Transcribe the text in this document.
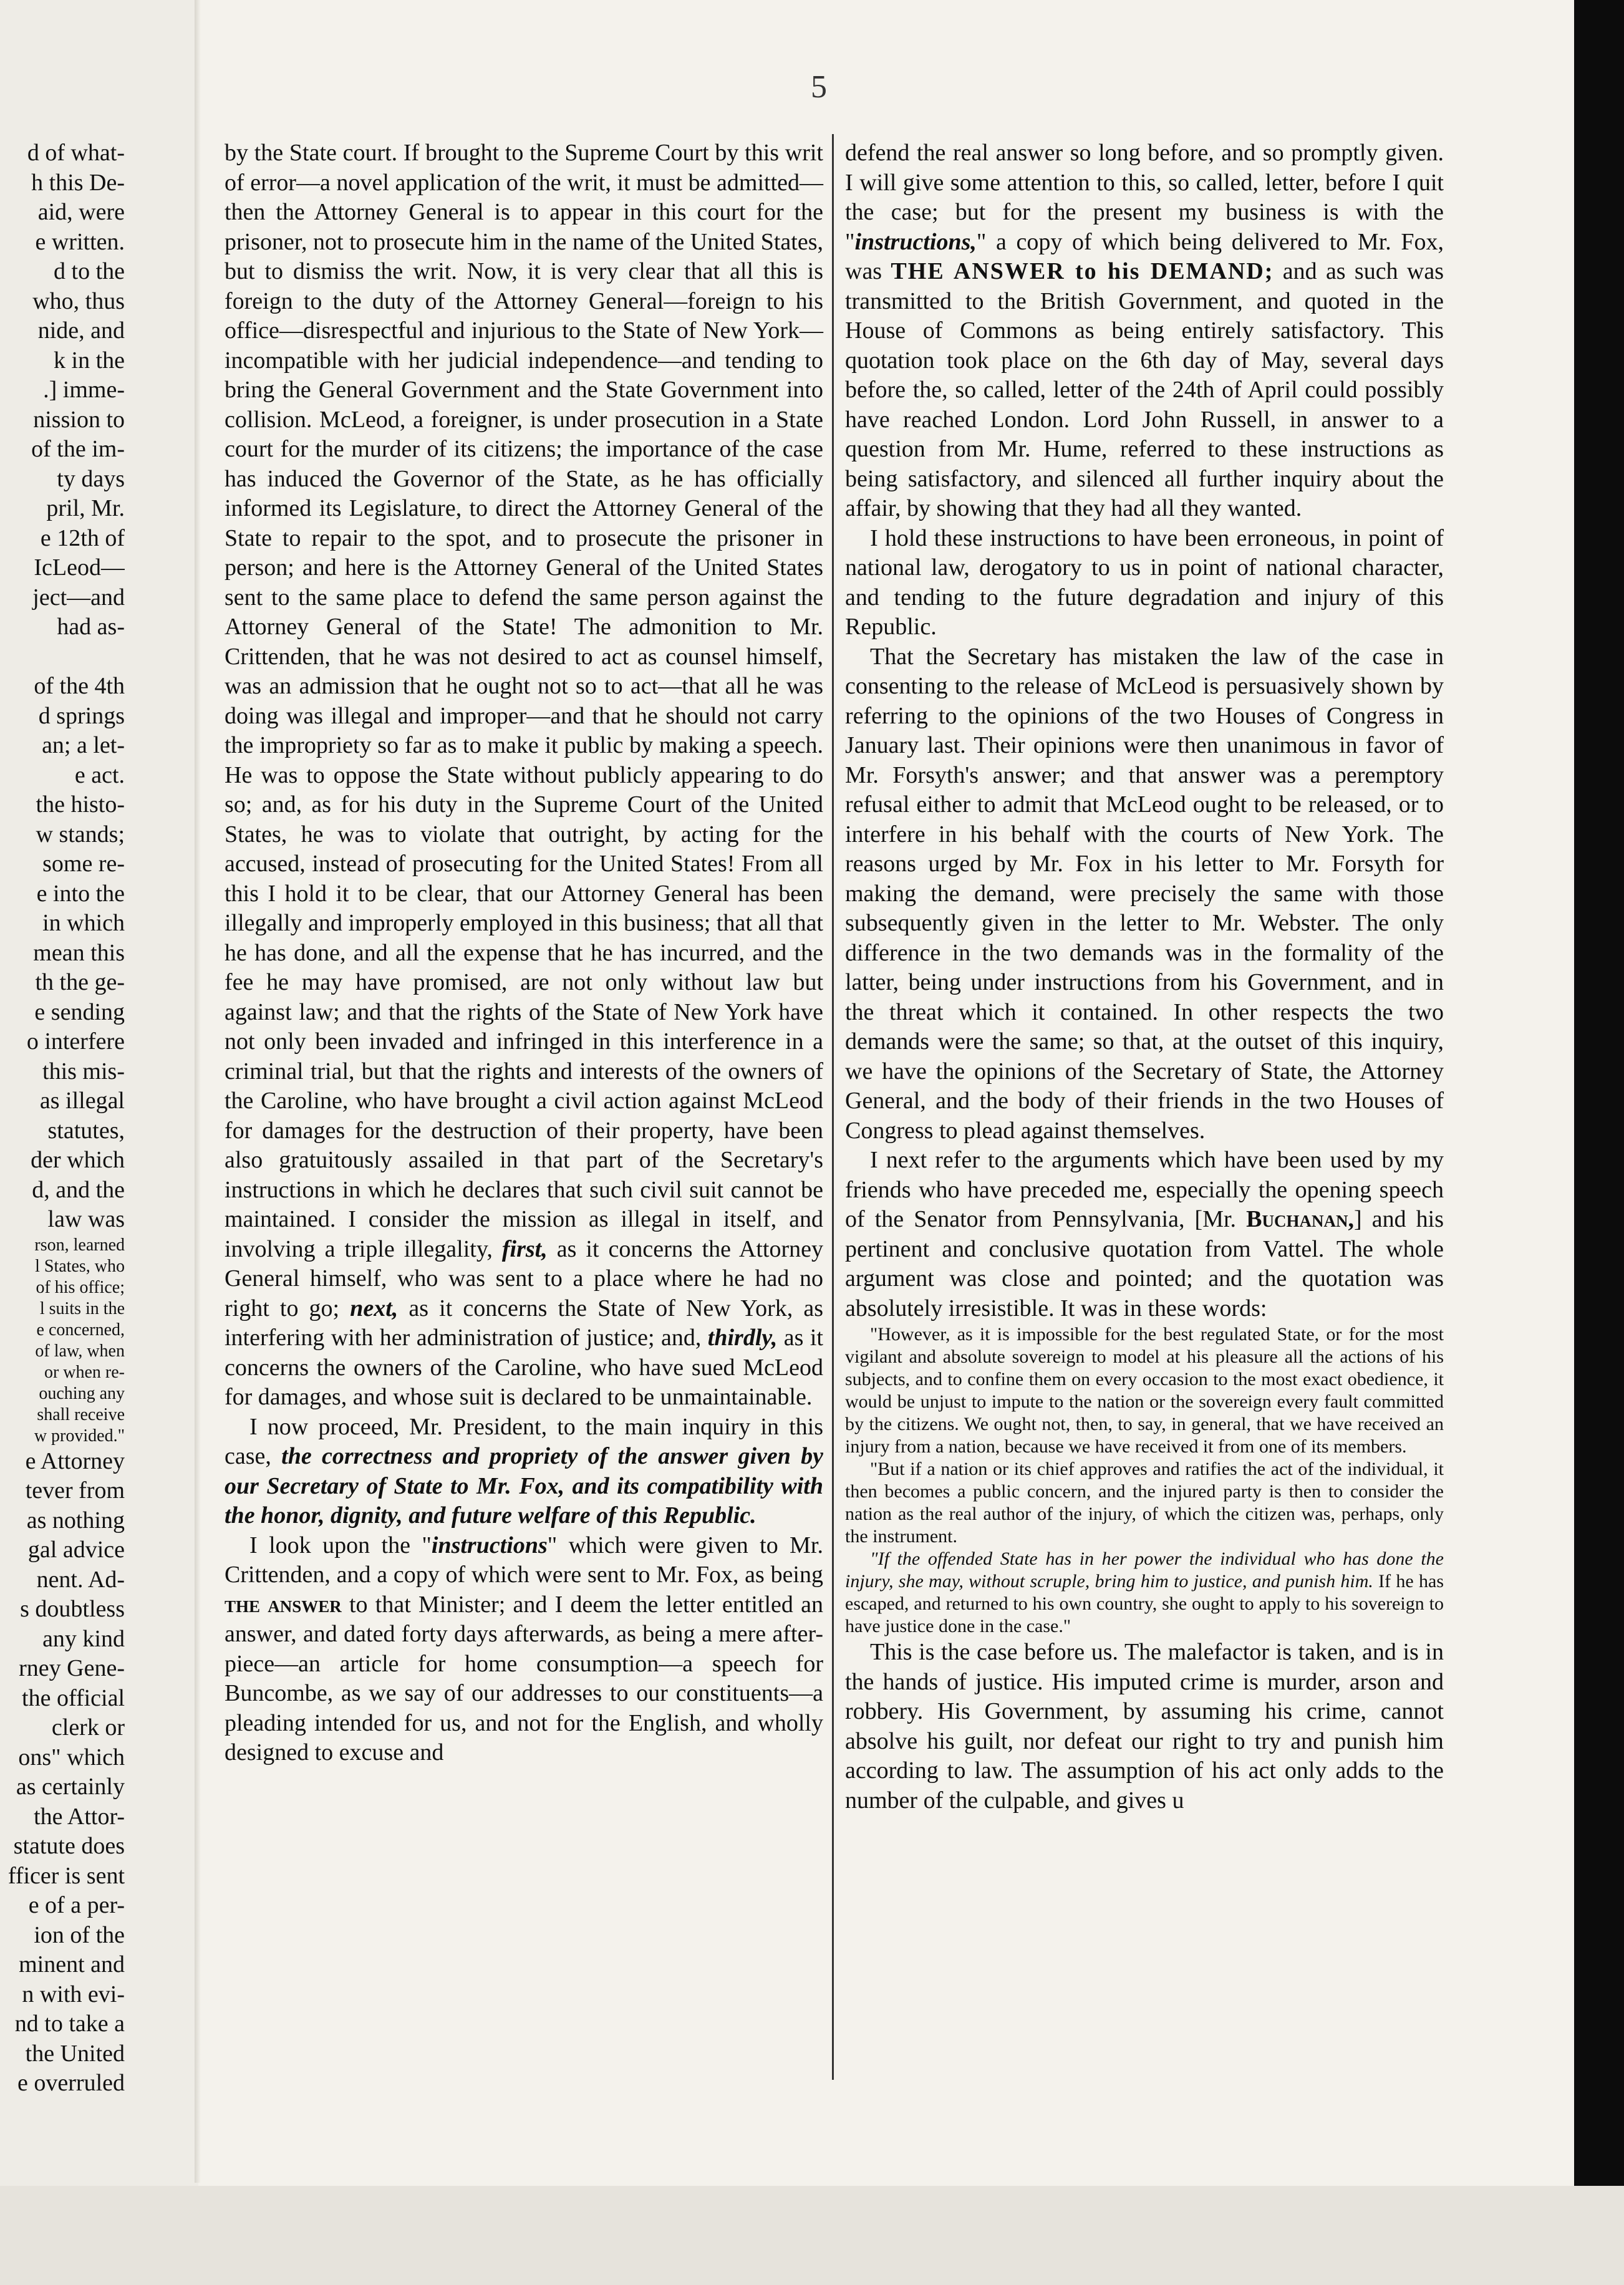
d of what-
h this De-
aid, were
e written.
d to the
who, thus
nide, and
k in the
.] imme-
nission to
of the im-
ty days
pril, Mr.
e 12th of
IcLeod—
ject—and
had as-

of the 4th
d springs
an; a let-
e act.
the histo-
w stands;
some re-
e into the
in which
mean this
th the ge-
e sending
o interfere
this mis-
as illegal
statutes,
der which
d, and the
law was
rson, learned
l States, who
of his office;
l suits in the
e concerned,
of law, when
or when re-
ouching any
shall receive
w provided."
e Attorney
tever from
as nothing
gal advice
nent. Ad-
s doubtless
any kind
rney Gene-
the official
clerk or
ons" which
as certainly
the Attor-
statute does
fficer is sent
e of a per-
ion of the
minent and
n with evi-
nd to take a
the United
e overruled
5

by the State court. If brought to the Supreme Court by this writ of error—a novel application of the writ, it must be admitted—then the Attorney General is to appear in this court for the prisoner, not to prosecute him in the name of the United States, but to dismiss the writ. Now, it is very clear that all this is foreign to the duty of the Attorney General—foreign to his office—disrespectful and injurious to the State of New York—incompatible with her judicial independence—and tending to bring the General Government and the State Government into collision. McLeod, a foreigner, is under prosecution in a State court for the murder of its citizens; the importance of the case has induced the Governor of the State, as he has officially informed its Legislature, to direct the Attorney General of the State to repair to the spot, and to prosecute the prisoner in person; and here is the Attorney General of the United States sent to the same place to defend the same person against the Attorney General of the State! The admonition to Mr. Crittenden, that he was not desired to act as counsel himself, was an admission that he ought not so to act—that all he was doing was illegal and improper—and that he should not carry the impropriety so far as to make it public by making a speech. He was to oppose the State without publicly appearing to do so; and, as for his duty in the Supreme Court of the United States, he was to violate that outright, by acting for the accused, instead of prosecuting for the United States! From all this I hold it to be clear, that our Attorney General has been illegally and improperly employed in this business; that all that he has done, and all the expense that he has incurred, and the fee he may have promised, are not only without law but against law; and that the rights of the State of New York have not only been invaded and infringed in this interference in a criminal trial, but that the rights and interests of the owners of the Caroline, who have brought a civil action against McLeod for damages for the destruction of their property, have been also gratuitously assailed in that part of the Secretary's instructions in which he declares that such civil suit cannot be maintained. I consider the mission as illegal in itself, and involving a triple illegality, first, as it concerns the Attorney General himself, who was sent to a place where he had no right to go; next, as it concerns the State of New York, as interfering with her administration of justice; and, thirdly, as it concerns the owners of the Caroline, who have sued McLeod for damages, and whose suit is declared to be unmaintainable.

I now proceed, Mr. President, to the main inquiry in this case, the correctness and propriety of the answer given by our Secretary of State to Mr. Fox, and its compatibility with the honor, dignity, and future welfare of this Republic.

I look upon the "instructions" which were given to Mr. Crittenden, and a copy of which were sent to Mr. Fox, as being the answer to that Minister; and I deem the letter entitled an answer, and dated forty days afterwards, as being a mere after-piece—an article for home consumption—a speech for Buncombe, as we say of our addresses to our constituents—a pleading intended for us, and not for the English, and wholly designed to excuse and

defend the real answer so long before, and so promptly given. I will give some attention to this, so called, letter, before I quit the case; but for the present my business is with the "instructions," a copy of which being delivered to Mr. Fox, was THE ANSWER to his DEMAND; and as such was transmitted to the British Government, and quoted in the House of Commons as being entirely satisfactory. This quotation took place on the 6th day of May, several days before the, so called, letter of the 24th of April could possibly have reached London. Lord John Russell, in answer to a question from Mr. Hume, referred to these instructions as being satisfactory, and silenced all further inquiry about the affair, by showing that they had all they wanted.

I hold these instructions to have been erroneous, in point of national law, derogatory to us in point of national character, and tending to the future degradation and injury of this Republic.

That the Secretary has mistaken the law of the case in consenting to the release of McLeod is persuasively shown by referring to the opinions of the two Houses of Congress in January last. Their opinions were then unanimous in favor of Mr. Forsyth's answer; and that answer was a peremptory refusal either to admit that McLeod ought to be released, or to interfere in his behalf with the courts of New York. The reasons urged by Mr. Fox in his letter to Mr. Forsyth for making the demand, were precisely the same with those subsequently given in the letter to Mr. Webster. The only difference in the two demands was in the formality of the latter, being under instructions from his Government, and in the threat which it contained. In other respects the two demands were the same; so that, at the outset of this inquiry, we have the opinions of the Secretary of State, the Attorney General, and the body of their friends in the two Houses of Congress to plead against themselves.

I next refer to the arguments which have been used by my friends who have preceded me, especially the opening speech of the Senator from Pennsylvania, [Mr. Buchanan,] and his pertinent and conclusive quotation from Vattel. The whole argument was close and pointed; and the quotation was absolutely irresistible. It was in these words:

"However, as it is impossible for the best regulated State, or for the most vigilant and absolute sovereign to model at his pleasure all the actions of his subjects, and to confine them on every occasion to the most exact obedience, it would be unjust to impute to the nation or the sovereign every fault committed by the citizens. We ought not, then, to say, in general, that we have received an injury from a nation, because we have received it from one of its members.

"But if a nation or its chief approves and ratifies the act of the individual, it then becomes a public concern, and the injured party is then to consider the nation as the real author of the injury, of which the citizen was, perhaps, only the instrument.

"If the offended State has in her power the individual who has done the injury, she may, without scruple, bring him to justice, and punish him. If he has escaped, and returned to his own country, she ought to apply to his sovereign to have justice done in the case."

This is the case before us. The malefactor is taken, and is in the hands of justice. His imputed crime is murder, arson and robbery. His Government, by assuming his crime, cannot absolve his guilt, nor defeat our right to try and punish him according to law. The assumption of his act only adds to the number of the culpable, and gives u
